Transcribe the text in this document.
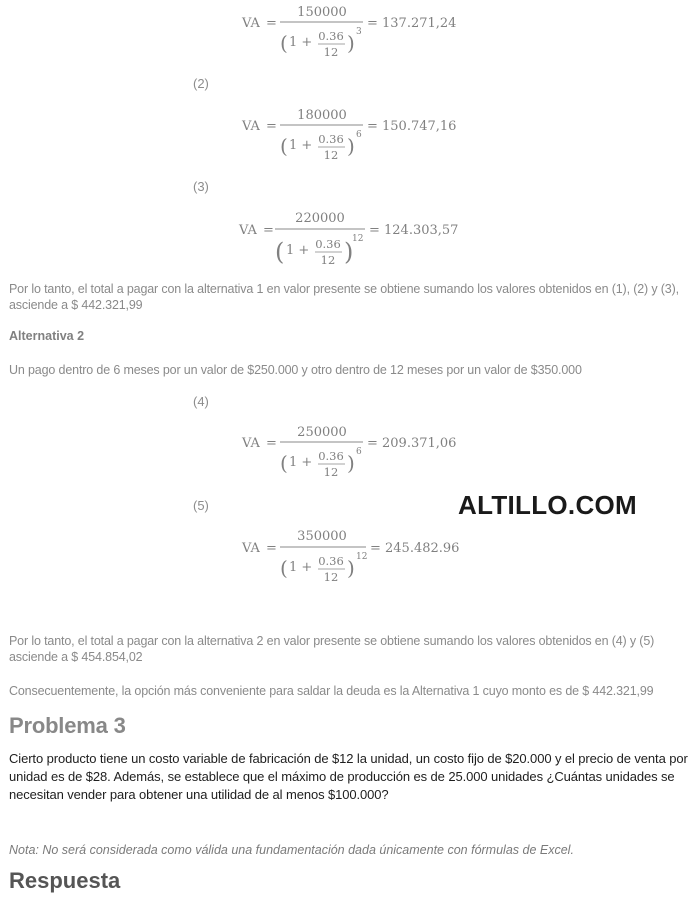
VA =
150000
( 1 + 0.36
12 ) 3
= 137.271,24
(2)
VA =
180000
( 1 + 0.36
12 ) 6
= 150.747,16
(3)
VA =
220000
( 1 + 0.36
12 )
12
= 124.303,57
Por lo tanto, el total a pagar con la alternativa 1 en valor presente se obtiene sumando los valores obtenidos en (1), (2) y (3), asciende a $ 442.321,99
Alternativa 2
Un pago dentro de 6 meses por un valor de $250.000 y otro dentro de 12 meses por un valor de $350.000
(4)
VA =
250000
( 1 + 0.36
12 ) 6
= 209.371,06
(5)	ALTILLO.COM
VA =
350000
( 1 + 0.36
12 ) 12
= 245.482.96
Por lo tanto, el total a pagar con la alternativa 2 en valor presente se obtiene sumando los valores obtenidos en (4) y (5) asciende a $ 454.854,02
Consecuentemente, la opción más conveniente para saldar la deuda es la Alternativa 1 cuyo monto es de $ 442.321,99
Problema 3
Cierto producto tiene un costo variable de fabricación de $12 la unidad, un costo fijo de $20.000 y el precio de venta por unidad es de $28. Además, se establece que el máximo de producción es de 25.000 unidades ¿Cuántas unidades se necesitan vender para obtener una utilidad de al menos $100.000?
Nota: No será considerada como válida una fundamentación dada únicamente con fórmulas de Excel.
Respuesta
